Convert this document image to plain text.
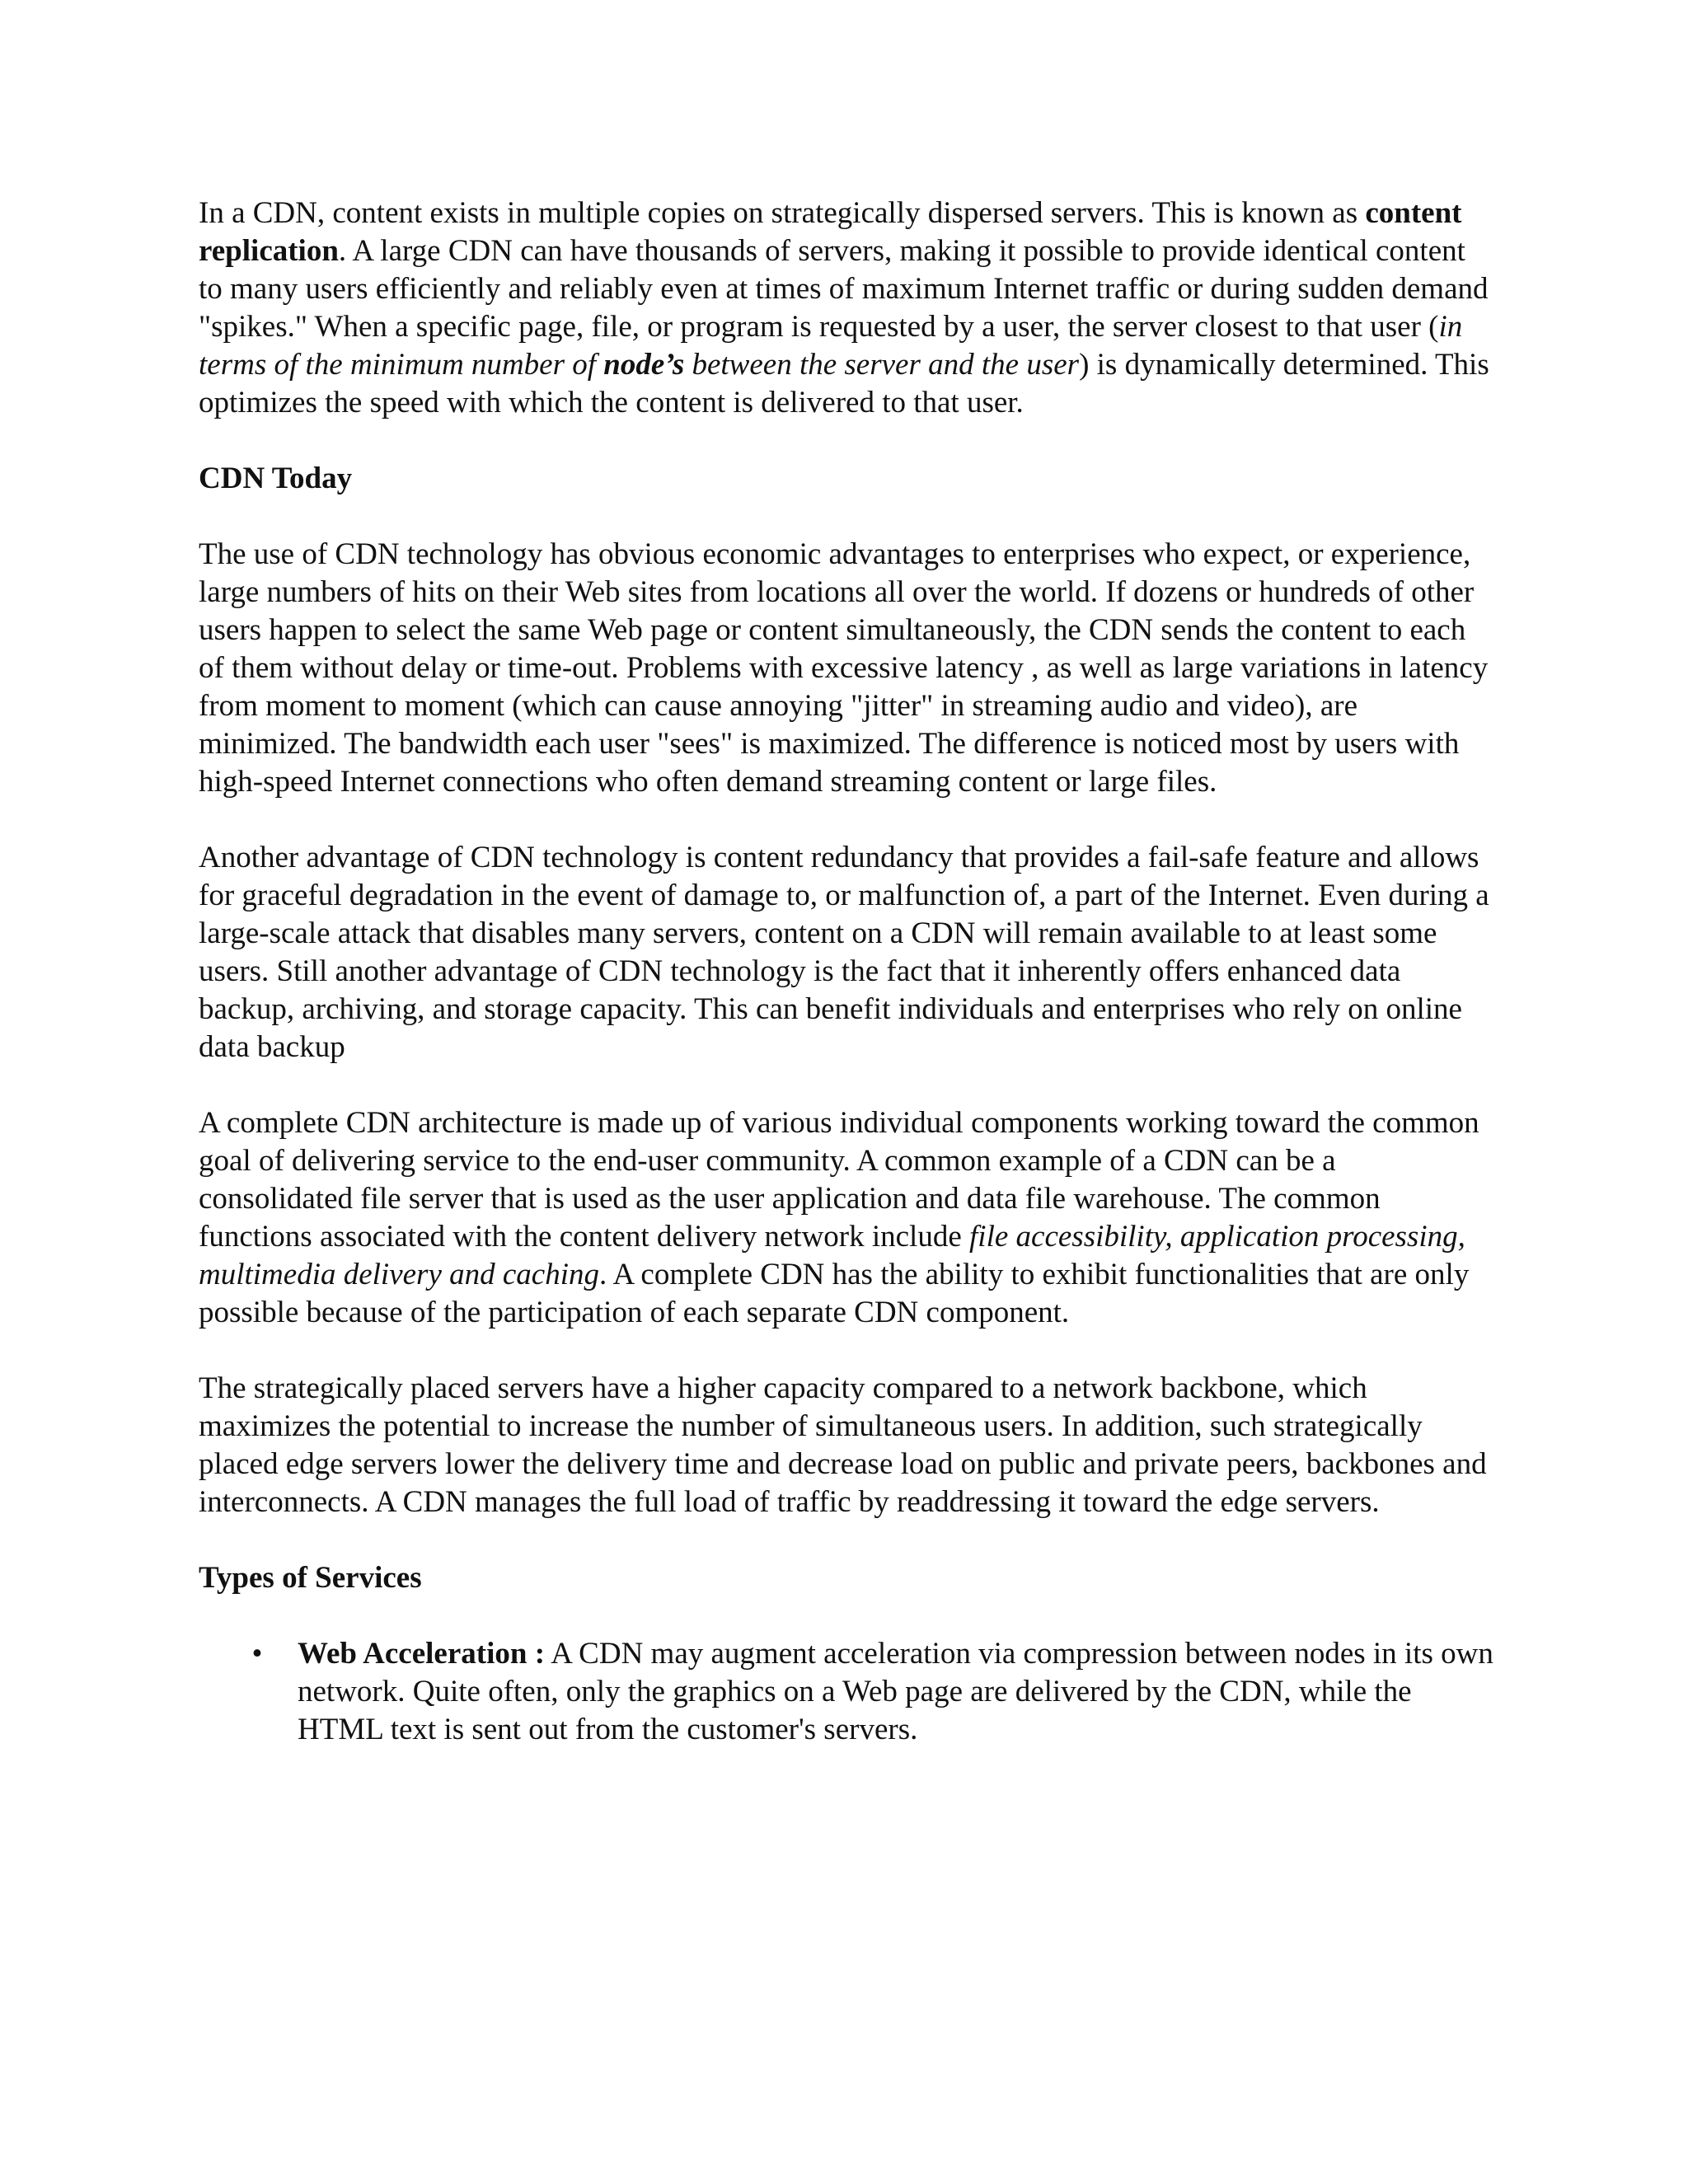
In a CDN, content exists in multiple copies on strategically dispersed servers. This is known as content replication. A large CDN can have thousands of servers, making it possible to provide identical content to many users efficiently and reliably even at times of maximum Internet traffic or during sudden demand "spikes." When a specific page, file, or program is requested by a user, the server closest to that user (in terms of the minimum number of node’s between the server and the user) is dynamically determined. This optimizes the speed with which the content is delivered to that user.

CDN Today

The use of CDN technology has obvious economic advantages to enterprises who expect, or experience, large numbers of hits on their Web sites from locations all over the world. If dozens or hundreds of other users happen to select the same Web page or content simultaneously, the CDN sends the content to each of them without delay or time-out. Problems with excessive latency , as well as large variations in latency from moment to moment (which can cause annoying "jitter" in streaming audio and video), are minimized. The bandwidth each user "sees" is maximized. The difference is noticed most by users with high-speed Internet connections who often demand streaming content or large files.

Another advantage of CDN technology is content redundancy that provides a fail-safe feature and allows for graceful degradation in the event of damage to, or malfunction of, a part of the Internet. Even during a large-scale attack that disables many servers, content on a CDN will remain available to at least some users. Still another advantage of CDN technology is the fact that it inherently offers enhanced data backup, archiving, and storage capacity. This can benefit individuals and enterprises who rely on online data backup

A complete CDN architecture is made up of various individual components working toward the common goal of delivering service to the end-user community. A common example of a CDN can be a consolidated file server that is used as the user application and data file warehouse. The common functions associated with the content delivery network include file accessibility, application processing, multimedia delivery and caching. A complete CDN has the ability to exhibit functionalities that are only possible because of the participation of each separate CDN component.

The strategically placed servers have a higher capacity compared to a network backbone, which maximizes the potential to increase the number of simultaneous users. In addition, such strategically placed edge servers lower the delivery time and decrease load on public and private peers, backbones and interconnects. A CDN manages the full load of traffic by readdressing it toward the edge servers.

Types of Services
• Web Acceleration : A CDN may augment acceleration via compression between nodes in its own network. Quite often, only the graphics on a Web page are delivered by the CDN, while the HTML text is sent out from the customer's servers.
